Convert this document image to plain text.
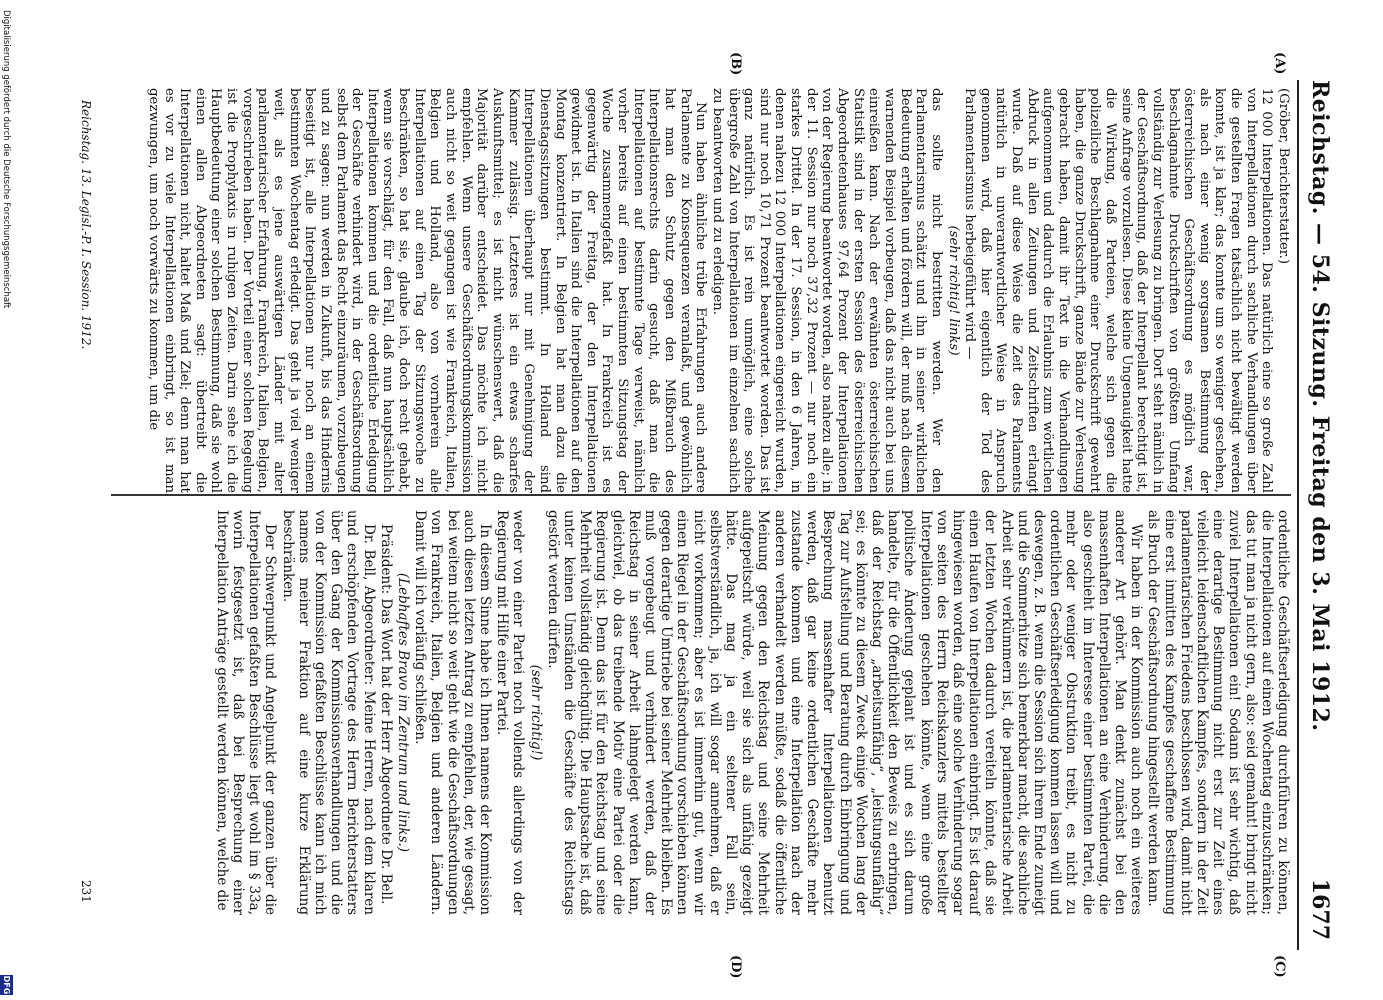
Reichstag. — 54. Sitzung. Freitag den 3. Mai 1912.
1677
(A)
(B)
(C)
(D)

(Gröber, Berichterstatter.)

12 000 Interpellationen. Das natürlich eine so große Zahl von Interpellationen durch sachliche Verhandlungen über die gestellten Fragen tatsächlich nicht bewältigt werden konnte, ist ja klar; das konnte um so weniger geschehen, als nach einer wenig sorgsamen Bestimmung der österreichischen Geschäftsordnung es möglich war, beschlagnahmte Druckschriften von größtem Umfang vollständig zur Verlesung zu bringen. Dort steht nämlich in der Geschäftsordnung, daß der Interpellant berechtigt ist, seine Anfrage vorzulesen. Diese kleine Ungenauigkeit hatte die Wirkung, daß Parteien, welche sich gegen die polizeiliche Beschlagnahme einer Druckschrift gewehrt haben, die ganze Druckschrift, ganze Bände zur Verlesung gebracht haben, damit ihr Text in die Verhandlungen aufgenommen und dadurch die Erlaubnis zum wörtlichen Abdruck in allen Zeitungen und Zeitschriften erlangt wurde. Daß auf diese Weise die Zeit des Parlaments natürlich in unverantwortlicher Weise in Anspruch genommen wird, daß hier eigentlich der Tod des Parlamentarismus herbeigeführt wird —

(sehr richtig! links)

das sollte nicht bestritten werden. Wer den Parlamentarismus schätzt und ihn in seiner wirklichen Bedeutung erhalten und fördern will, der muß nach diesem warnenden Beispiel vorbeugen, daß das nicht auch bei uns einreißen kann. Nach der erwähnten österreichischen Statistik sind in der ersten Session des österreichischen Abgeordnetenhauses 97,64 Prozent der Interpellationen von der Regierung beantwortet worden, also nahezu alle; in der 11. Session nur noch 37,32 Prozent — nur noch ein starkes Drittel. In der 17. Session, in den 6 Jahren, in denen nahezu 12 000 Interpellationen eingereicht wurden, sind nur noch 10,71 Prozent beantwortet worden. Das ist ganz natürlich. Es ist rein unmöglich, eine solche übergroße Zahl von Interpellationen im einzelnen sachlich zu beantworten und zu erledigen.

Nun haben ähnliche trübe Erfahrungen auch andere Parlamente zu Konsequenzen veranlaßt, und gewöhnlich hat man den Schutz gegen den Mißbrauch des Interpellationsrechts darin gesucht, daß man die Interpellationen auf bestimmte Tage verweist, nämlich vorher bereits auf einen bestimmten Sitzungstag der Woche zusammengefaßt hat. In Frankreich ist es gegenwärtig der Freitag, der den Interpellationen gewidmet ist. In Italien sind die Interpellationen auf den Montag konzentriert. In Belgien hat man dazu die Dienstagssitzungen bestimmt. In Holland sind Interpellationen überhaupt nur mit Genehmigung der Kammer zulässig. Letzteres ist ein etwas scharfes Auskunftsmittel; es ist nicht wünschenswert, daß die Majorität darüber entscheidet. Das möchte ich nicht empfehlen. Wenn unsere Geschäftsordnungskommission auch nicht so weit gegangen ist wie Frankreich, Italien, Belgien und Holland, also von vornherein alle Interpellationen auf einen Tag der Sitzungswoche zu beschränken, so hat sie, glaube ich, doch recht gehabt, wenn sie vorschlägt, für den Fall, daß nun hauptsächlich Interpellationen kommen und die ordentliche Erledigung der Geschäfte verhindert wird, in der Geschäftsordnung selbst dem Parlament das Recht einzuräumen, vorzubeugen und zu sagen: nun werden in Zukunft, bis das Hindernis beseitigt ist, alle Interpellationen nur noch an einem bestimmten Wochentag erledigt. Das geht ja viel weniger weit, als es jene auswärtigen Länder mit alter parlamentarischer Erfahrung, Frankreich, Italien, Belgien, vorgeschrieben haben. Der Vorteil einer solchen Regelung ist die Prophylaxis in ruhigen Zeiten. Darin sehe ich die Hauptbedeutung einer solchen Bestimmung, daß sie wohl einen allen Abgeordneten sagt: übertreibt die Interpellationen nicht, haltet Maß und Ziel; denn man hat es vor zu viele Interpellationen einbringt, so ist man gezwungen, um noch vorwärts zu kommen, um die

ordentliche Geschäftserledigung durchführen zu können, die Interpellationen auf einen Wochentag einzuschränken; das tut man ja nicht gern, also: seid gemahnt! bringt nicht zuviel Interpellationen ein! Sodann ist sehr wichtig, daß eine derartige Bestimmung nicht erst zur Zeit eines vielleicht leidenschaftlichen Kampfes, sondern in der Zeit parlamentarischen Friedens beschlossen wird, damit nicht eine erst inmitten des Kampfes geschaffene Bestimmung als Bruch der Geschäftsordnung hingestellt werden kann.

Wir haben in der Kommission auch noch ein weiteres anderer Art gehört. Man denkt zunächst bei den massenhaften Interpellationen an eine Verhinderung, die also geschieht im Interesse einer bestimmten Partei, die mehr oder weniger Obstruktion treibt, es nicht zu ordentlichen Geschäftserledigung kommen lassen will und deswegen, z. B. wenn die Session sich ihrem Ende zuneigt und die Sommerhitze sich bemerkbar macht, die sachliche Arbeit sehr verkümmern ist, die parlamentarische Arbeit der letzten Wochen dadurch vereiteln könnte, daß sie einen Haufen von Interpellationen einbringt. Es ist darauf hingewiesen worden, daß eine solche Verhinderung sogar von seiten des Herrn Reichskanzlers mittels bestellter Interpellationen geschehen könnte, wenn eine große politische Änderung geplant ist und es sich darum handelte, für die Öffentlichkeit den Beweis zu erbringen, daß der Reichstag „arbeitsunfähig“, „leistungsunfähig“ sei; es könnte zu diesem Zweck einige Wochen lang der Tag zur Aufstellung und Beratung durch Einbringung und Besprechung massenhafter Interpellationen benutzt werden, daß gar keine ordentlichen Geschäfte mehr zustande kommen und eine Interpellation nach der anderen verhandelt werden müßte, sodaß die öffentliche Meinung gegen den Reichstag und seine Mehrheit aufgepeitscht würde, weil sie sich als unfähig gezeigt hätte. Das mag ja ein seltener Fall sein, selbstverständlich, ja, ich will sogar annehmen, daß er nicht vorkommen; aber es ist immerhin gut, wenn wir einen Riegel in der Geschäftsordnung vorschieben können gegen derartige Umtriebe bei seiner Mehrheit bleiben. Es muß vorgebeugt und verhindert werden, daß der Reichstag in seiner Arbeit lahmgelegt werden kann, gleichviel, ob das treibende Motiv eine Partei oder die Regierung ist. Denn das ist für den Reichstag und seine Mehrheit vollständig gleichgültig. Die Hauptsache ist, daß unter keinen Umständen die Geschäfte des Reichstags gestört werden dürfen.

(sehr richtig!)

weder von einer Partei noch vollends allerdings von der Regierung mit Hilfe einer Partei.

In diesem Sinne habe ich Ihnen namens der Kommission auch diesen letzten Antrag zu empfehlen, der, wie gesagt, bei weitem nicht so weit geht wie die Geschäftsordnungen von Frankreich, Italien, Belgien und anderen Ländern. Damit will ich vorläufig schließen.

(Lebhaftes Bravo im Zentrum und links.)

Präsident: Das Wort hat der Herr Abgeordnete Dr. Bell.

Dr. Bell, Abgeordneter: Meine Herren, nach dem klaren und erschöpfenden Vortrage des Herrn Berichterstatters über den Gang der Kommissionsverhandlungen und die von der Kommission gefaßten Beschlüsse kann ich mich namens meiner Fraktion auf eine kurze Erklärung beschränken.

Der Schwerpunkt und Angelpunkt der ganzen über die Interpellationen gefaßten Beschlüsse liegt wohl im § 33a, worin festgesetzt ist, daß bei Besprechung einer Interpellation Anträge gestellt werden können, welche die

Reichstag. 13. Legisl.-P. I. Session. 1912.
231
Digitalisierung gefördert durch die Deutsche Forschungsgemeinschaft
DFG
